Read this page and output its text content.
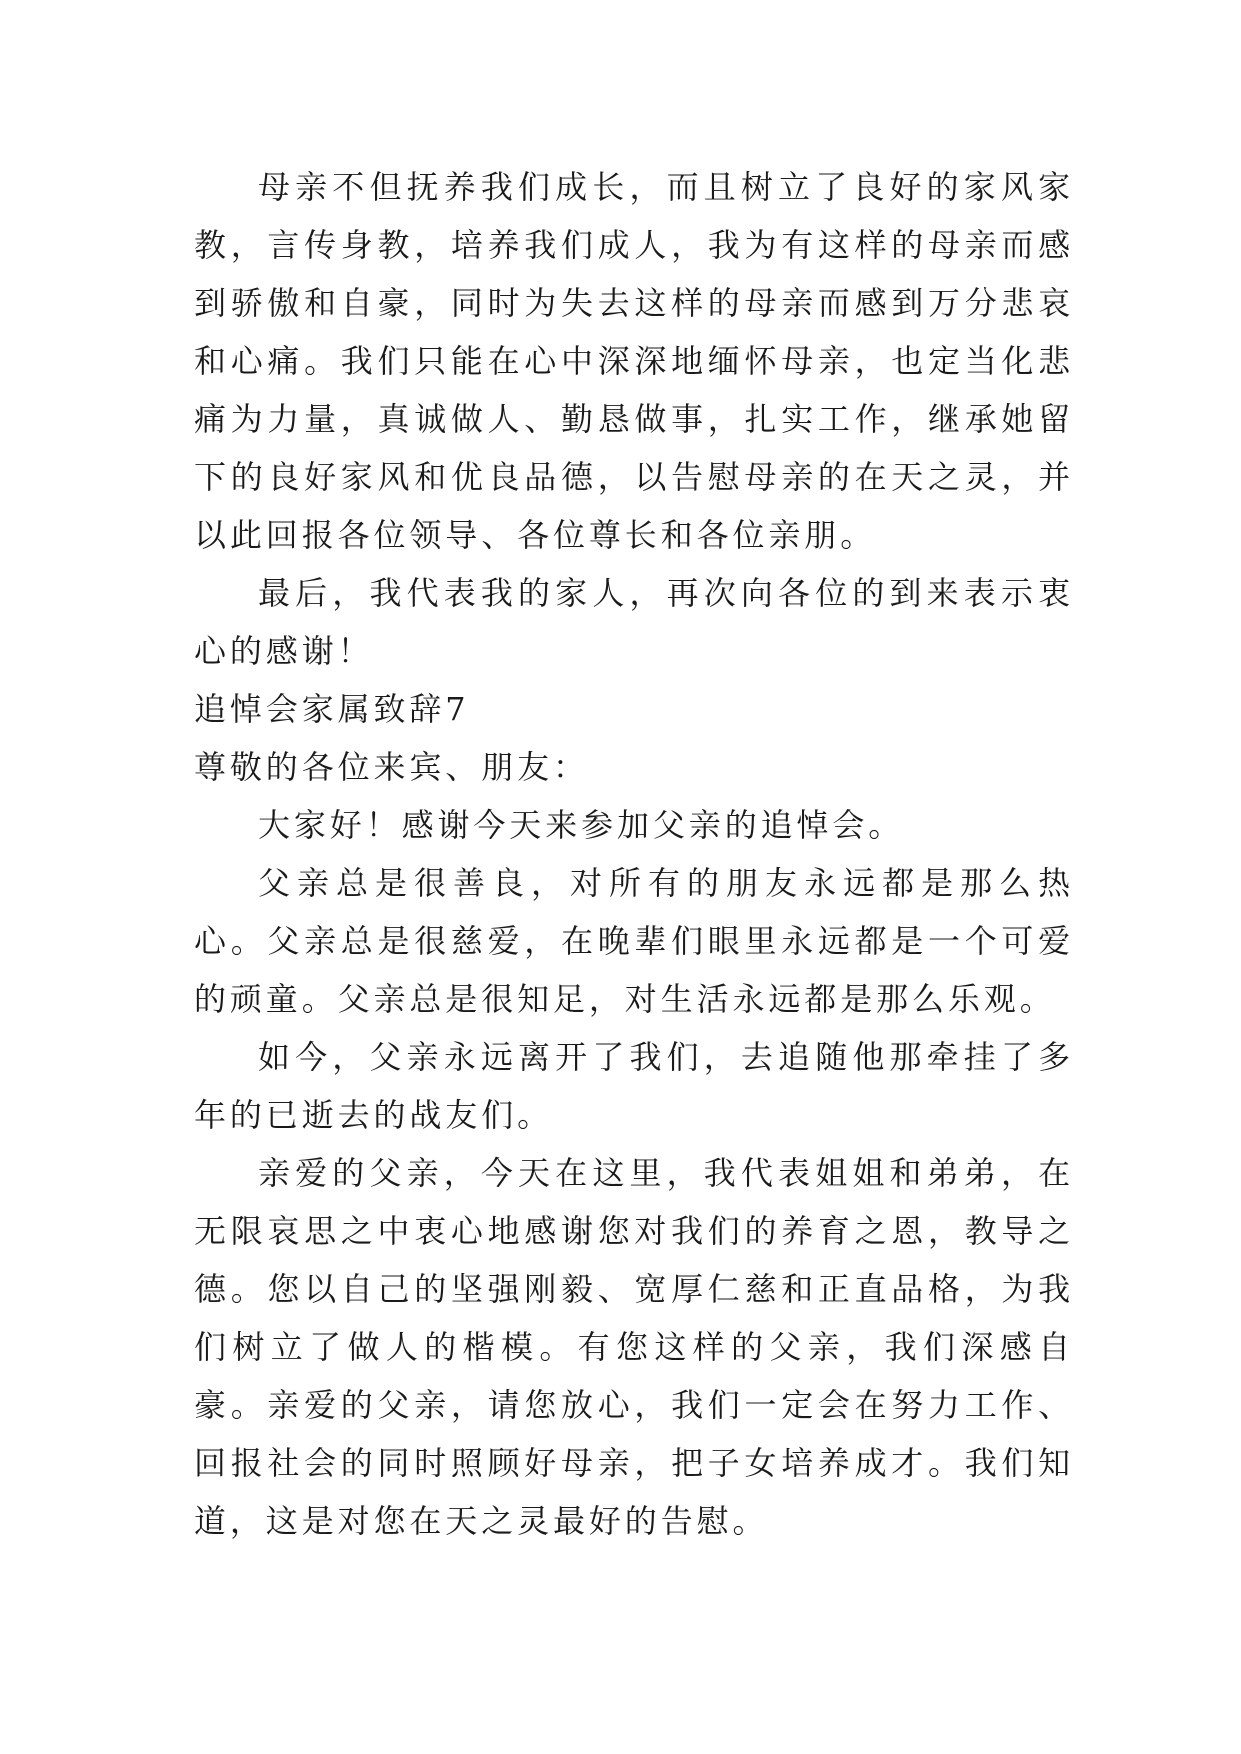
母亲不但抚养我们成长，而且树立了良好的家风家教，言传身教，培养我们成人，我为有这样的母亲而感到骄傲和自豪，同时为失去这样的母亲而感到万分悲哀和心痛。我们只能在心中深深地缅怀母亲，也定当化悲痛为力量，真诚做人、勤恳做事，扎实工作，继承她留下的良好家风和优良品德，以告慰母亲的在天之灵，并以此回报各位领导、各位尊长和各位亲朋。

最后，我代表我的家人，再次向各位的到来表示衷心的感谢！

追悼会家属致辞7

尊敬的各位来宾、朋友：

大家好！感谢今天来参加父亲的追悼会。

父亲总是很善良，对所有的朋友永远都是那么热心。父亲总是很慈爱，在晚辈们眼里永远都是一个可爱的顽童。父亲总是很知足，对生活永远都是那么乐观。

如今，父亲永远离开了我们，去追随他那牵挂了多年的已逝去的战友们。

亲爱的父亲，今天在这里，我代表姐姐和弟弟，在无限哀思之中衷心地感谢您对我们的养育之恩，教导之德。您以自己的坚强刚毅、宽厚仁慈和正直品格，为我们树立了做人的楷模。有您这样的父亲，我们深感自豪。亲爱的父亲，请您放心，我们一定会在努力工作、回报社会的同时照顾好母亲，把子女培养成才。我们知道，这是对您在天之灵最好的告慰。
